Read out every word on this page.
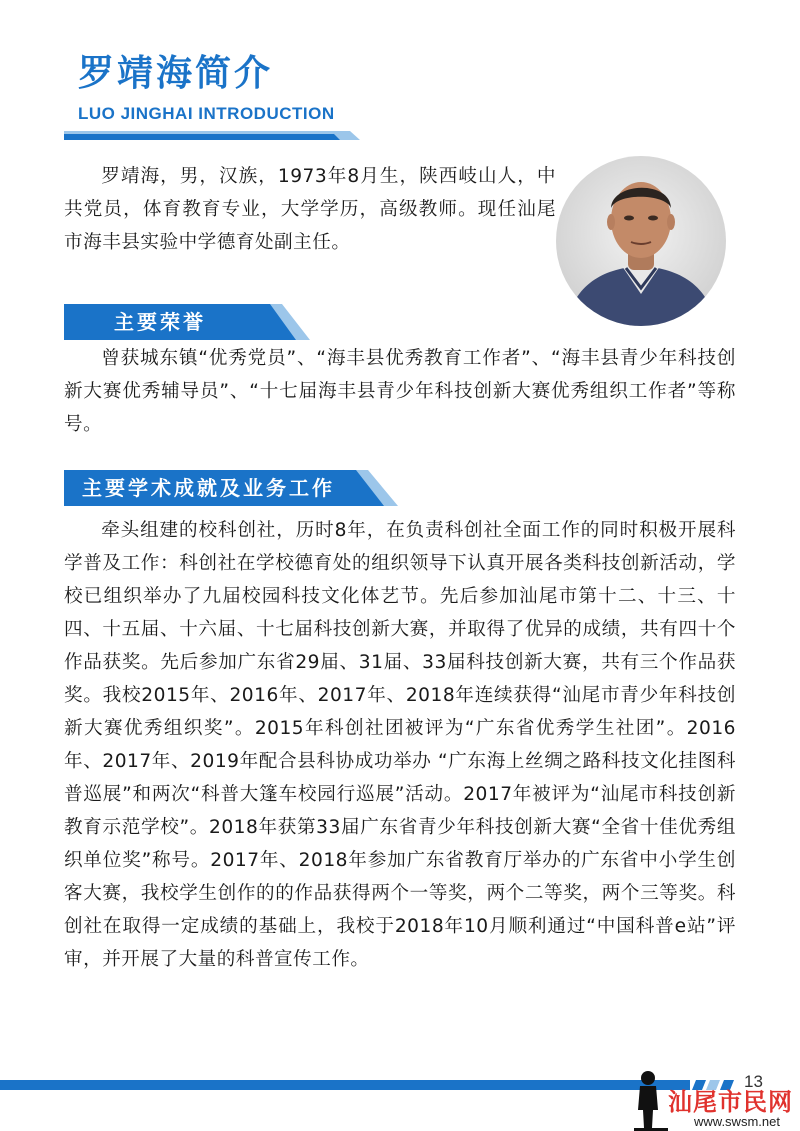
罗靖海简介
LUO JINGHAI INTRODUCTION
罗靖海，男，汉族，1973年8月生，陕西岐山人，中共党员，体育教育专业，大学学历，高级教师。现任汕尾市海丰县实验中学德育处副主任。
主要荣誉
曾获城东镇“优秀党员”、“海丰县优秀教育工作者”、“海丰县青少年科技创新大赛优秀辅导员”、“十七届海丰县青少年科技创新大赛优秀组织工作者”等称号。
主要学术成就及业务工作
牵头组建的校科创社，历时8年，在负责科创社全面工作的同时积极开展科学普及工作：科创社在学校德育处的组织领导下认真开展各类科技创新活动，学校已组织举办了九届校园科技文化体艺节。先后参加汕尾市第十二、十三、十四、十五届、十六届、十七届科技创新大赛，并取得了优异的成绩，共有四十个作品获奖。先后参加广东省29届、31届、33届科技创新大赛，共有三个作品获奖。我校2015年、2016年、2017年、2018年连续获得“汕尾市青少年科技创新大赛优秀组织奖”。2015年科创社团被评为“广东省优秀学生社团”。2016年、2017年、2019年配合县科协成功举办 “广东海上丝绸之路科技文化挂图科普巡展”和两次“科普大篷车校园行巡展”活动。2017年被评为“汕尾市科技创新教育示范学校”。2018年获第33届广东省青少年科技创新大赛“全省十佳优秀组织单位奖”称号。2017年、2018年参加广东省教育厅举办的广东省中小学生创客大赛，我校学生创作的的作品获得两个一等奖，两个二等奖，两个三等奖。科创社在取得一定成绩的基础上，我校于2018年10月顺利通过“中国科普e站”评审，并开展了大量的科普宣传工作。
13
汕尾市民网
www.swsm.net
